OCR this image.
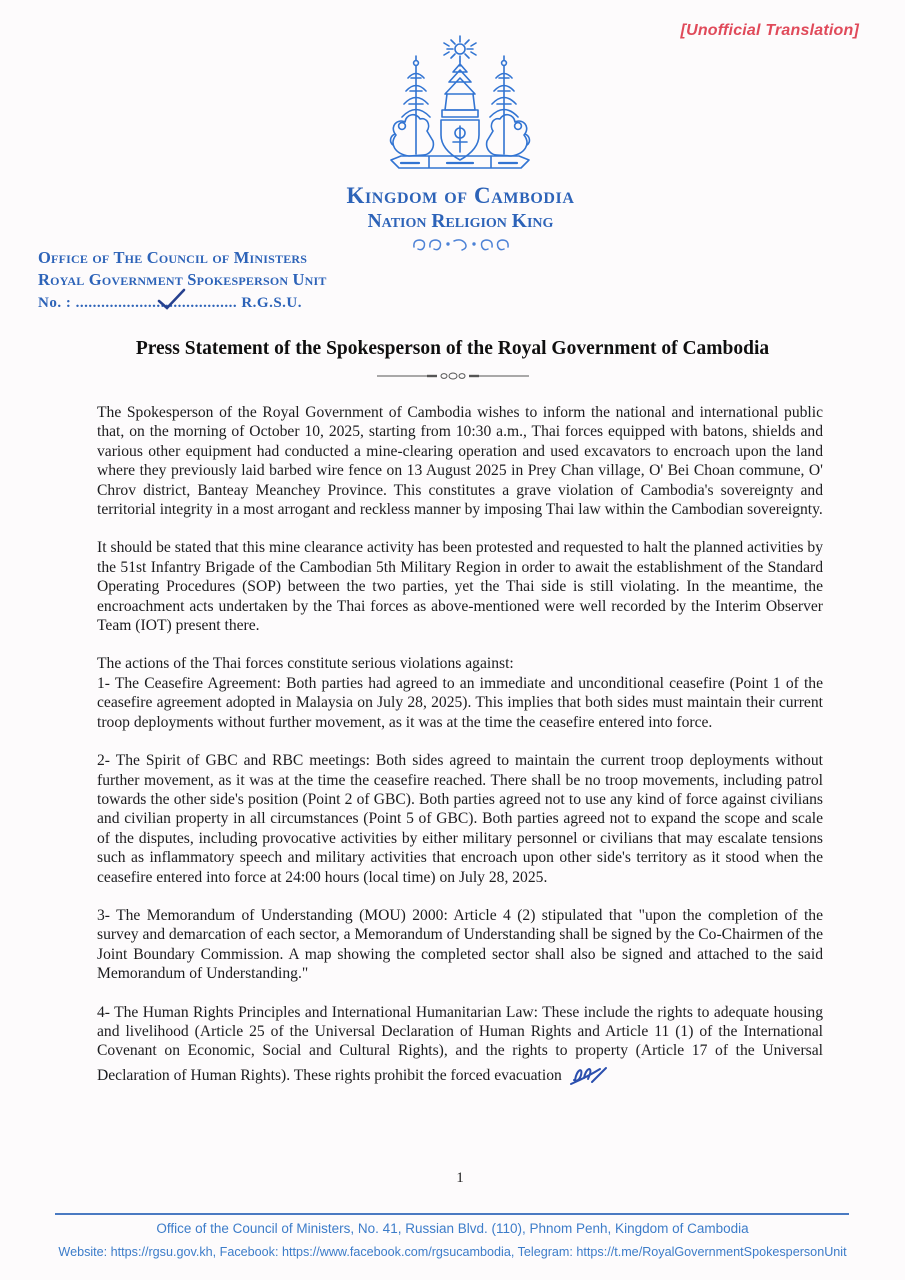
[Unofficial Translation]
Kingdom of Cambodia
Nation Religion King
Office of The Council of Ministers
Royal Government Spokesperson Unit
No. : ...................................... R.G.S.U.
Press Statement of the Spokesperson of the Royal Government of Cambodia

The Spokesperson of the Royal Government of Cambodia wishes to inform the national and international public that, on the morning of October 10, 2025, starting from 10:30 a.m., Thai forces equipped with batons, shields and various other equipment had conducted a mine-clearing operation and used excavators to encroach upon the land where they previously laid barbed wire fence on 13 August 2025 in Prey Chan village, O' Bei Choan commune, O' Chrov district, Banteay Meanchey Province. This constitutes a grave violation of Cambodia's sovereignty and territorial integrity in a most arrogant and reckless manner by imposing Thai law within the Cambodian sovereignty.

It should be stated that this mine clearance activity has been protested and requested to halt the planned activities by the 51st Infantry Brigade of the Cambodian 5th Military Region in order to await the establishment of the Standard Operating Procedures (SOP) between the two parties, yet the Thai side is still violating. In the meantime, the encroachment acts undertaken by the Thai forces as above-mentioned were well recorded by the Interim Observer Team (IOT) present there.

The actions of the Thai forces constitute serious violations against:

1- The Ceasefire Agreement: Both parties had agreed to an immediate and unconditional ceasefire (Point 1 of the ceasefire agreement adopted in Malaysia on July 28, 2025). This implies that both sides must maintain their current troop deployments without further movement, as it was at the time the ceasefire entered into force.

2- The Spirit of GBC and RBC meetings: Both sides agreed to maintain the current troop deployments without further movement, as it was at the time the ceasefire reached. There shall be no troop movements, including patrol towards the other side's position (Point 2 of GBC). Both parties agreed not to use any kind of force against civilians and civilian property in all circumstances (Point 5 of GBC). Both parties agreed not to expand the scope and scale of the disputes, including provocative activities by either military personnel or civilians that may escalate tensions such as inflammatory speech and military activities that encroach upon other side's territory as it stood when the ceasefire entered into force at 24:00 hours (local time) on July 28, 2025.

3- The Memorandum of Understanding (MOU) 2000: Article 4 (2) stipulated that "upon the completion of the survey and demarcation of each sector, a Memorandum of Understanding shall be signed by the Co-Chairmen of the Joint Boundary Commission. A map showing the completed sector shall also be signed and attached to the said Memorandum of Understanding."

4- The Human Rights Principles and International Humanitarian Law: These include the rights to adequate housing and livelihood (Article 25 of the Universal Declaration of Human Rights and Article 11 (1) of the International Covenant on Economic, Social and Cultural Rights), and the rights to property (Article 17 of the Universal Declaration of Human Rights). These rights prohibit the forced evacuation

1
Office of the Council of Ministers, No. 41, Russian Blvd. (110), Phnom Penh, Kingdom of Cambodia
Website: https://rgsu.gov.kh, Facebook: https://www.facebook.com/rgsucambodia, Telegram: https://t.me/RoyalGovernmentSpokespersonUnit
